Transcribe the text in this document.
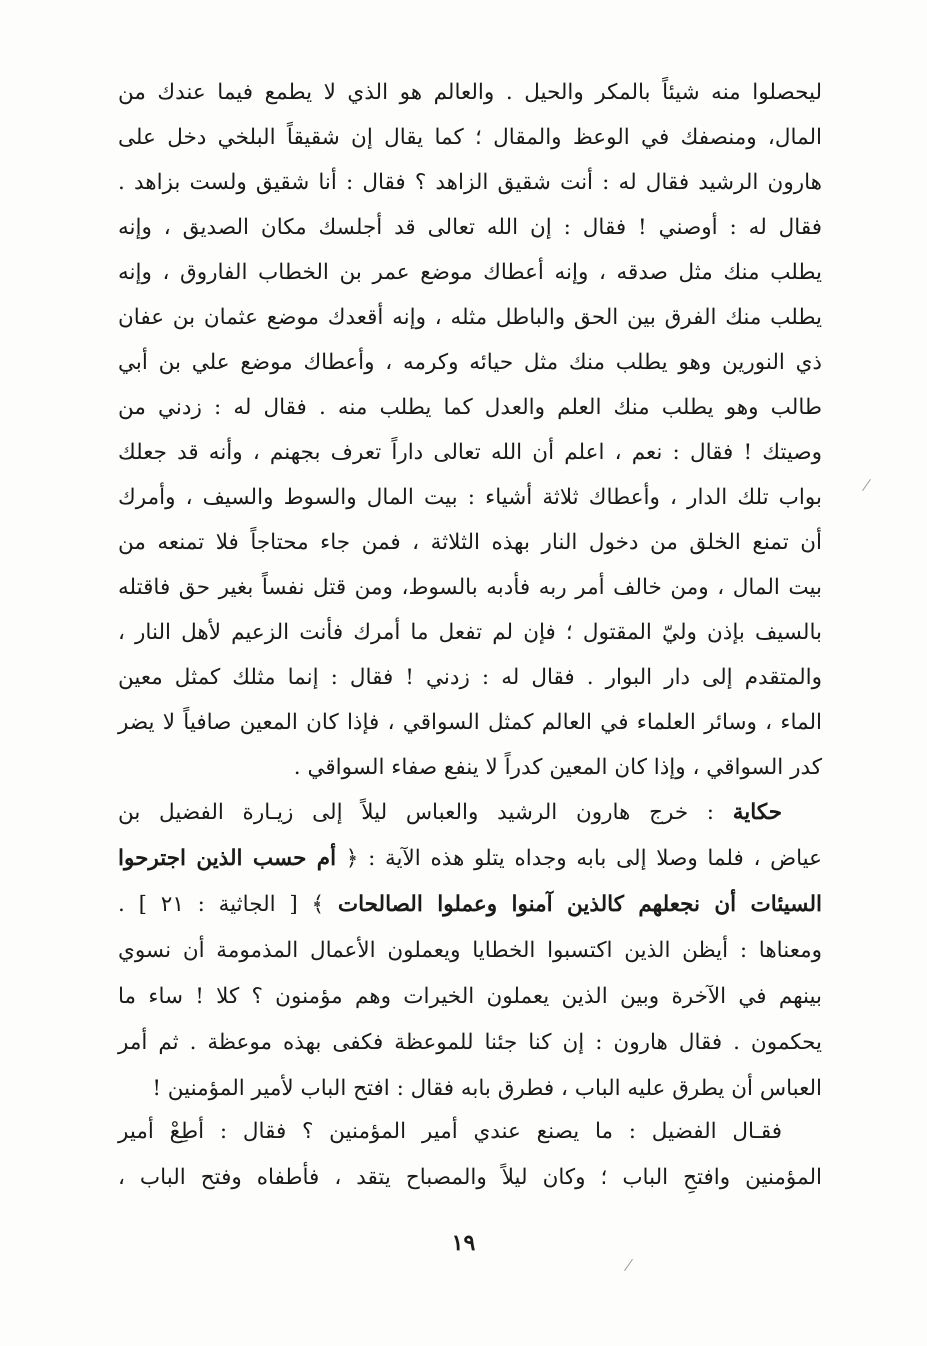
ليحصلوا منه شيئاً بالمكر والحيل . والعالم هو الذي لا يطمع فيما عندك من
المال، ومنصفك في الوعظ والمقال ؛ كما يقال إن شقيقاً البلخي دخل على
هارون الرشيد فقال له : أنت شقيق الزاهد ؟ فقال : أنا شقيق ولست بزاهد .
فقال له : أوصني ! فقال : إن الله تعالى قد أجلسك مكان الصديق ، وإنه
يطلب منك مثل صدقه ، وإنه أعطاك موضع عمر بن الخطاب الفاروق ، وإنه
يطلب منك الفرق بين الحق والباطل مثله ، وإنه أقعدك موضع عثمان بن عفان
ذي النورين وهو يطلب منك مثل حيائه وكرمه ، وأعطاك موضع علي بن أبي
طالب وهو يطلب منك العلم والعدل كما يطلب منه . فقال له : زدني من
وصيتك ! فقال : نعم ، اعلم أن الله تعالى داراً تعرف بجهنم ، وأنه قد جعلك
بواب تلك الدار ، وأعطاك ثلاثة أشياء : بيت المال والسوط والسيف ، وأمرك
أن تمنع الخلق من دخول النار بهذه الثلاثة ، فمن جاء محتاجاً فلا تمنعه من
بيت المال ، ومن خالف أمر ربه فأدبه بالسوط، ومن قتل نفساً بغير حق فاقتله
بالسيف بإذن وليّ المقتول ؛ فإن لم تفعل ما أمرك فأنت الزعيم لأهل النار ،
والمتقدم إلى دار البوار . فقال له : زدني ! فقال : إنما مثلك كمثل معين
الماء ، وسائر العلماء في العالم كمثل السواقي ، فإذا كان المعين صافياً لا يضر
كدر السواقي ، وإذا كان المعين كدراً لا ينفع صفاء السواقي .
حكاية : خرج هارون الرشيد والعباس ليلاً إلى زيـارة الفضيل بن
عياض ، فلما وصلا إلى بابه وجداه يتلو هذه الآية : ﴿ أم حسب الذين اجترحوا
السيئات أن نجعلهم كالذين آمنوا وعملوا الصالحات ﴾ [ الجاثية : ٢١ ] .
ومعناها : أيظن الذين اكتسبوا الخطايا ويعملون الأعمال المذمومة أن نسوي
بينهم في الآخرة وبين الذين يعملون الخيرات وهم مؤمنون ؟ كلا ! ساء ما
يحكمون . فقال هارون : إن كنا جئنا للموعظة فكفى بهذه موعظة . ثم أمر
العباس أن يطرق عليه الباب ، فطرق بابه فقال : افتح الباب لأمير المؤمنين !
فقـال الفضيل : ما يصنع عندي أمير المؤمنين ؟ فقال : أطِعْ أمير
المؤمنين وافتحِ الباب ؛ وكان ليلاً والمصباح يتقد ، فأطفاه وفتح الباب ،
١٩
